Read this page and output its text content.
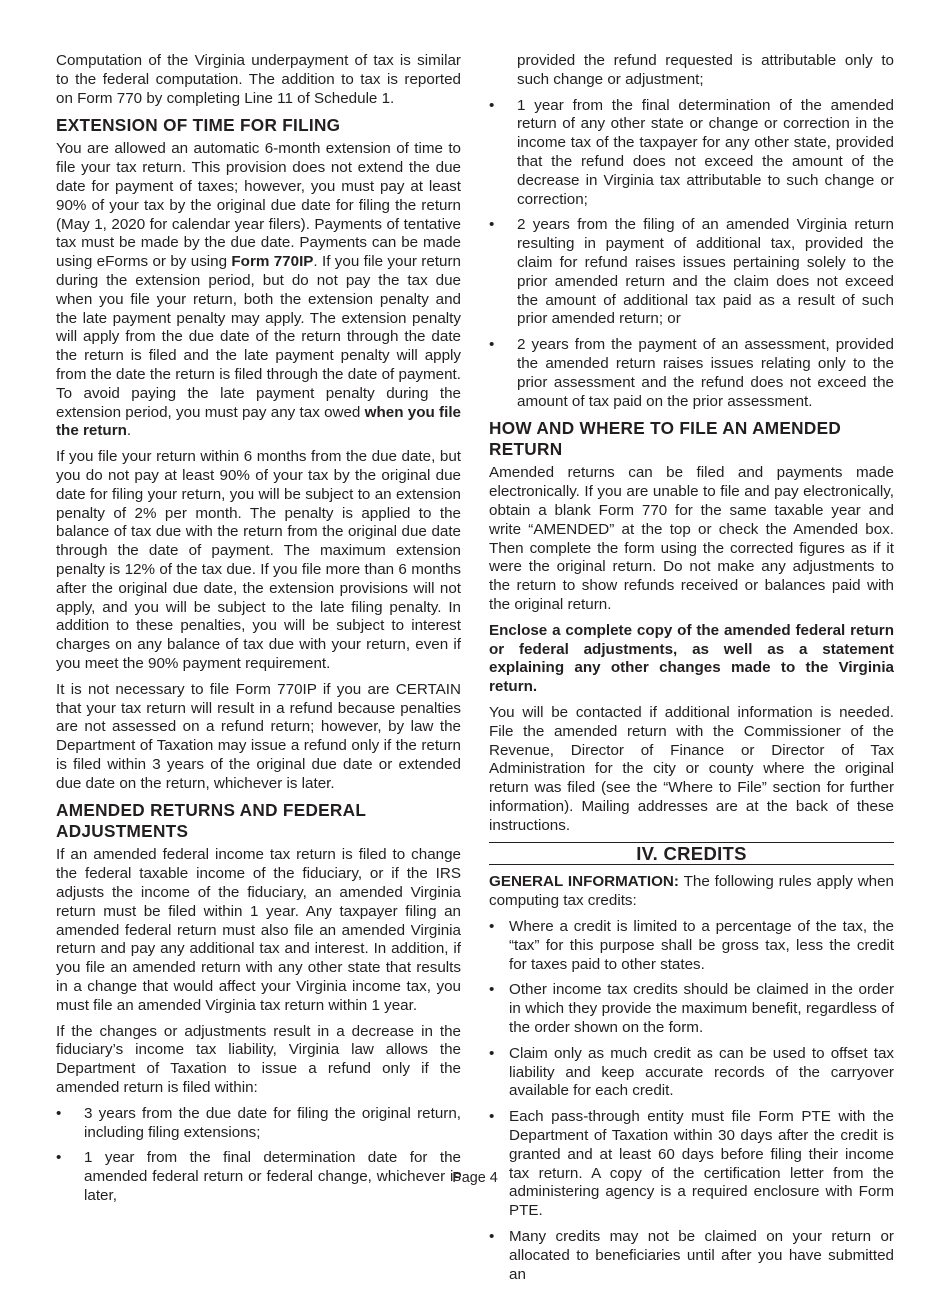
Computation of the Virginia underpayment of tax is similar to the federal computation. The addition to tax is reported on Form 770 by completing Line 11 of Schedule 1.

EXTENSION OF TIME FOR FILING

You are allowed an automatic 6-month extension of time to file your tax return. This provision does not extend the due date for payment of taxes; however, you must pay at least 90% of your tax by the original due date for filing the return (May 1, 2020 for calendar year filers). Payments of tentative tax must be made by the due date. Payments can be made using eForms or by using Form 770IP. If you file your return during the extension period, but do not pay the tax due when you file your return, both the extension penalty and the late payment penalty may apply. The extension penalty will apply from the due date of the return through the date the return is filed and the late payment penalty will apply from the date the return is filed through the date of payment. To avoid paying the late payment penalty during the extension period, you must pay any tax owed when you file the return.

If you file your return within 6 months from the due date, but you do not pay at least 90% of your tax by the original due date for filing your return, you will be subject to an extension penalty of 2% per month. The penalty is applied to the balance of tax due with the return from the original due date through the date of payment. The maximum extension penalty is 12% of the tax due. If you file more than 6 months after the original due date, the extension provisions will not apply, and you will be subject to the late filing penalty. In addition to these penalties, you will be subject to interest charges on any balance of tax due with your return, even if you meet the 90% payment requirement.

It is not necessary to file Form 770IP if you are CERTAIN that your tax return will result in a refund because penalties are not assessed on a refund return; however, by law the Department of Taxation may issue a refund only if the return is filed within 3 years of the original due date or extended due date on the return, whichever is later.

AMENDED RETURNS AND FEDERAL
ADJUSTMENTS

If an amended federal income tax return is filed to change the federal taxable income of the fiduciary, or if the IRS adjusts the income of the fiduciary, an amended Virginia return must be filed within 1 year. Any taxpayer filing an amended federal return must also file an amended Virginia return and pay any additional tax and interest. In addition, if you file an amended return with any other state that results in a change that would affect your Virginia income tax, you must file an amended Virginia tax return within 1 year.

If the changes or adjustments result in a decrease in the fiduciary’s income tax liability, Virginia law allows the Department of Taxation to issue a refund only if the amended return is filed within:

•	3 years from the due date for filing the original return, including filing extensions;
•	1 year from the final determination date for the amended federal return or federal change, whichever is later,

provided the refund requested is attributable only to such change or adjustment;

•	1 year from the final determination of the amended return of any other state or change or correction in the income tax of the taxpayer for any other state, provided that the refund does not exceed the amount of the decrease in Virginia tax attributable to such change or correction;
•	2 years from the filing of an amended Virginia return resulting in payment of additional tax, provided the claim for refund raises issues pertaining solely to the prior amended return and the claim does not exceed the amount of additional tax paid as a result of such prior amended return; or
•	2 years from the payment of an assessment, provided the amended return raises issues relating only to the prior assessment and the refund does not exceed the amount of tax paid on the prior assessment.
HOW AND WHERE TO FILE AN AMENDED
RETURN

Amended returns can be filed and payments made electronically. If you are unable to file and pay electronically, obtain a blank Form 770 for the same taxable year and write “AMENDED” at the top or check the Amended box. Then complete the form using the corrected figures as if it were the original return. Do not make any adjustments to the return to show refunds received or balances paid with the original return.

Enclose a complete copy of the amended federal return or federal adjustments, as well as a statement explaining any other changes made to the Virginia return.

You will be contacted if additional information is needed. File the amended return with the Commissioner of the Revenue, Director of Finance or Director of Tax Administration for the city or county where the original return was filed (see the “Where to File” section for further information). Mailing addresses are at the back of these instructions.

IV. CREDITS

GENERAL INFORMATION: The following rules apply when computing tax credits:

• Where a credit is limited to a percentage of the tax, the “tax” for this purpose shall be gross tax, less the credit for taxes paid to other states.
• Other income tax credits should be claimed in the order in which they provide the maximum benefit, regardless of the order shown on the form.
• Claim only as much credit as can be used to offset tax liability and keep accurate records of the carryover available for each credit.
• Each pass-through entity must file Form PTE with the Department of Taxation within 30 days after the credit is granted and at least 60 days before filing their income tax return. A copy of the certification letter from the administering agency is a required enclosure with Form PTE.
• Many credits may not be claimed on your return or allocated to beneficiaries until after you have submitted an
Page 4
